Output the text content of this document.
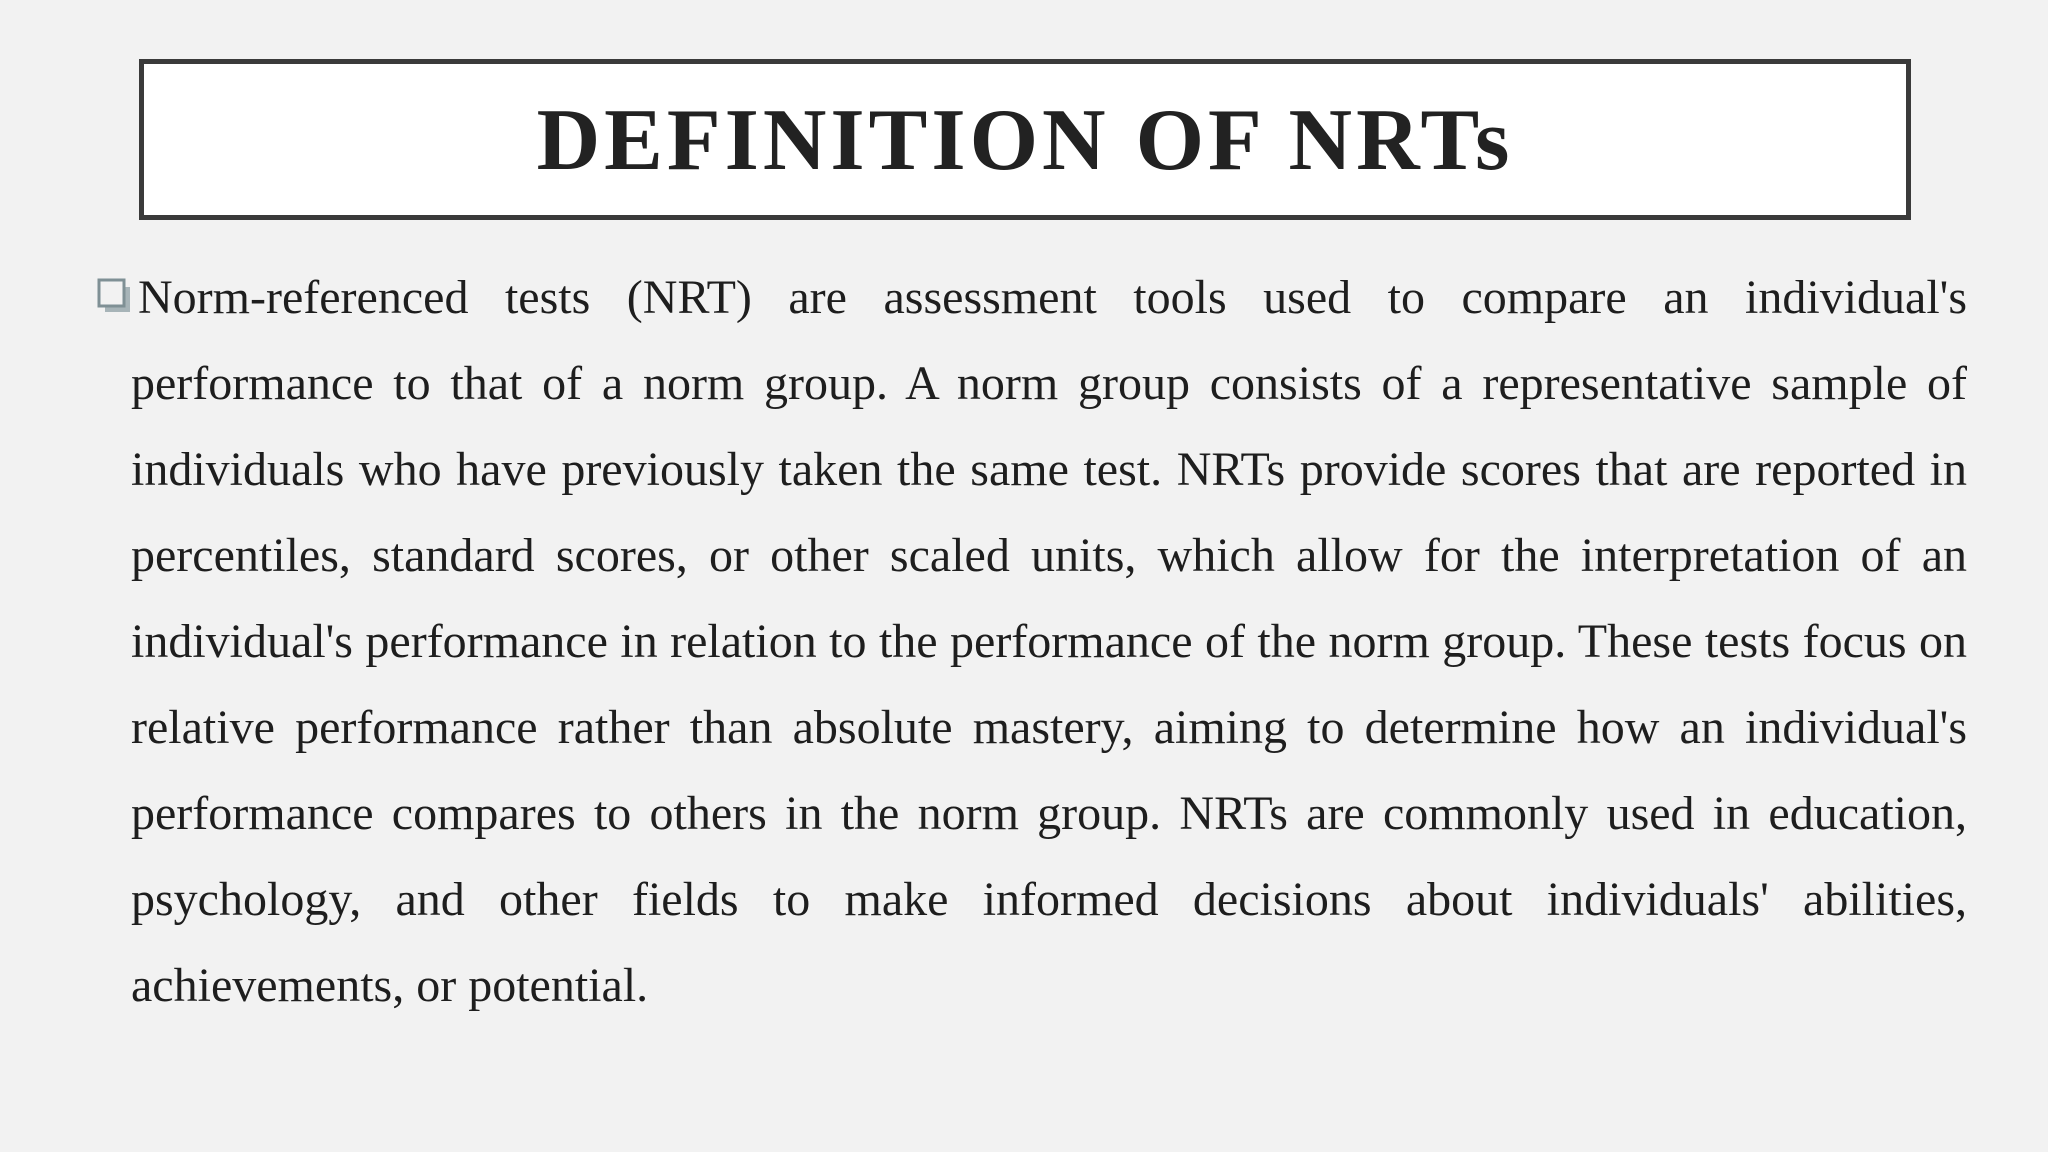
DEFINITION OF NRTs

Norm-referenced tests (NRT) are assessment tools used to compare an individual's performance to that of a norm group. A norm group consists of a representative sample of individuals who have previously taken the same test. NRTs provide scores that are reported in percentiles, standard scores, or other scaled units, which allow for the interpretation of an individual's performance in relation to the performance of the norm group. These tests focus on relative performance rather than absolute mastery, aiming to determine how an individual's performance compares to others in the norm group. NRTs are commonly used in education, psychology, and other fields to make informed decisions about individuals' abilities, achievements, or potential.
